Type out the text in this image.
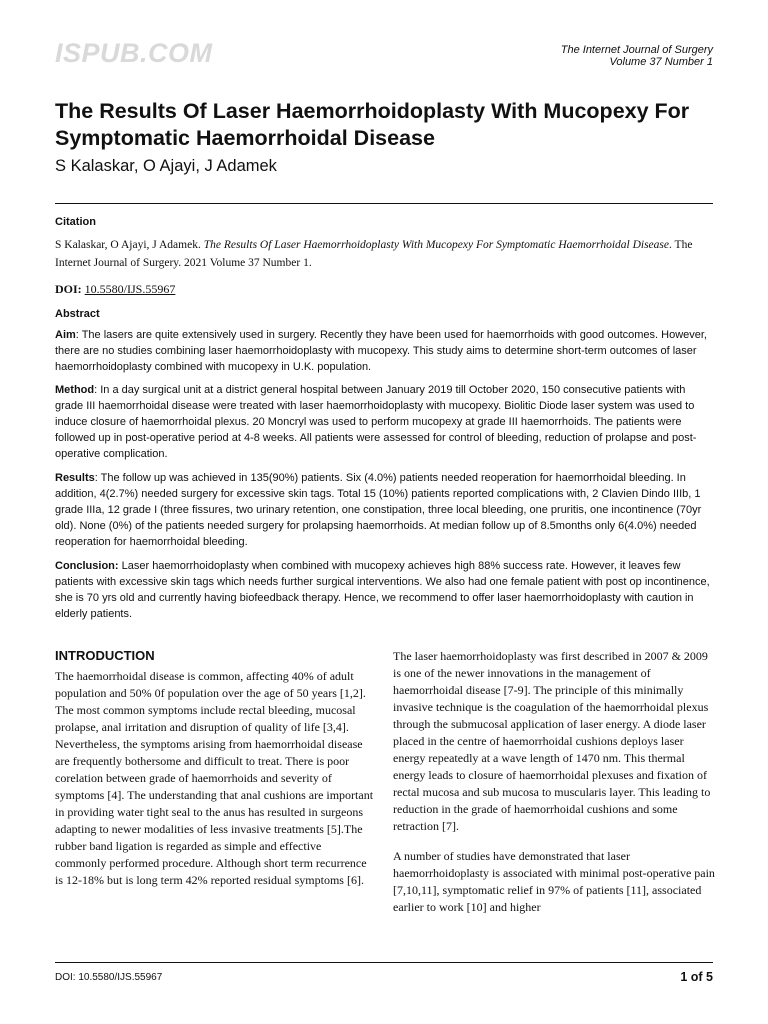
ISPUB.COM	The Internet Journal of Surgery
Volume 37 Number 1
The Results Of Laser Haemorrhoidoplasty With Mucopexy For Symptomatic Haemorrhoidal Disease
S Kalaskar, O Ajayi, J Adamek
Citation
S Kalaskar, O Ajayi, J Adamek. The Results Of Laser Haemorrhoidoplasty With Mucopexy For Symptomatic Haemorrhoidal Disease. The Internet Journal of Surgery. 2021 Volume 37 Number 1.
DOI: 10.5580/IJS.55967
Abstract
Aim: The lasers are quite extensively used in surgery. Recently they have been used for haemorrhoids with good outcomes. However, there are no studies combining laser haemorrhoidoplasty with mucopexy. This study aims to determine short-term outcomes of laser haemorrhoidoplasty combined with mucopexy in U.K. population.
Method: In a day surgical unit at a district general hospital between January 2019 till October 2020, 150 consecutive patients with grade III haemorrhoidal disease were treated with laser haemorrhoidoplasty with mucopexy. Biolitic Diode laser system was used to induce closure of haemorrhoidal plexus. 20 Moncryl was used to perform mucopexy at grade III haemorrhoids. The patients were followed up in post-operative period at 4-8 weeks. All patients were assessed for control of bleeding, reduction of prolapse and post-operative complication.
Results: The follow up was achieved in 135(90%) patients. Six (4.0%) patients needed reoperation for haemorrhoidal bleeding. In addition, 4(2.7%) needed surgery for excessive skin tags. Total 15 (10%) patients reported complications with, 2 Clavien Dindo IIIb, 1 grade IIIa, 12 grade I (three fissures, two urinary retention, one constipation, three local bleeding, one pruritis, one incontinence (70yr old). None (0%) of the patients needed surgery for prolapsing haemorrhoids. At median follow up of 8.5months only 6(4.0%) needed reoperation for haemorrhoidal bleeding.
Conclusion: Laser haemorrhoidoplasty when combined with mucopexy achieves high 88% success rate. However, it leaves few patients with excessive skin tags which needs further surgical interventions. We also had one female patient with post op incontinence, she is 70 yrs old and currently having biofeedback therapy. Hence, we recommend to offer laser haemorrhoidoplasty with caution in elderly patients.
INTRODUCTION
The haemorrhoidal disease is common, affecting 40% of adult population and 50% 0f population over the age of 50 years [1,2]. The most common symptoms include rectal bleeding, mucosal prolapse, anal irritation and disruption of quality of life [3,4]. Nevertheless, the symptoms arising from haemorrhoidal disease are frequently bothersome and difficult to treat. There is poor corelation between grade of haemorrhoids and severity of symptoms [4]. The understanding that anal cushions are important in providing water tight seal to the anus has resulted in surgeons adapting to newer modalities of less invasive treatments [5].The rubber band ligation is regarded as simple and effective commonly performed procedure. Although short term recurrence is 12-18% but is long term 42% reported residual symptoms [6].
The laser haemorrhoidoplasty was first described in 2007 & 2009 is one of the newer innovations in the management of haemorrhoidal disease [7-9]. The principle of this minimally invasive technique is the coagulation of the haemorrhoidal plexus through the submucosal application of laser energy. A diode laser placed in the centre of haemorrhoidal cushions deploys laser energy repeatedly at a wave length of 1470 nm. This thermal energy leads to closure of haemorrhoidal plexuses and fixation of rectal mucosa and sub mucosa to muscularis layer. This leading to reduction in the grade of haemorrhoidal cushions and some retraction [7].
A number of studies have demonstrated that laser haemorrhoidoplasty is associated with minimal post-operative pain [7,10,11], symptomatic relief in 97% of patients [11], associated earlier to work [10] and higher
DOI: 10.5580/IJS.55967	1 of 5
